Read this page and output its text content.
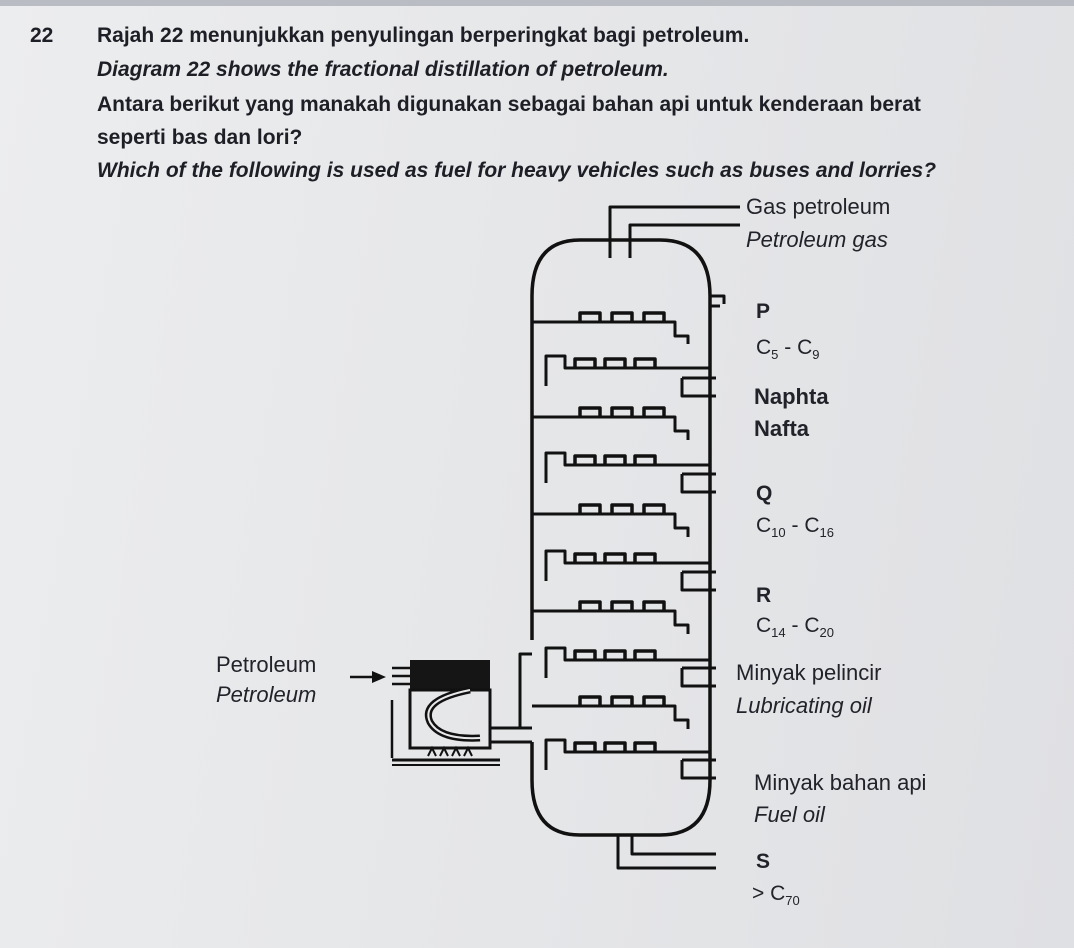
22 Rajah 22 menunjukkan penyulingan berperingkat bagi petroleum.
Diagram 22 shows the fractional distillation of petroleum.
Antara berikut yang manakah digunakan sebagai bahan api untuk kenderaan berat
seperti bas dan lori?
Which of the following is used as fuel for heavy vehicles such as buses and lorries?
Gas petroleum
Petroleum gas
P
$C_5 - C_9$
Naphta
Nafta
Q
$C_{10} - C_{16}$
R
$C_{14} - C_{20}$
Minyak pelincir
Lubricating oil
Minyak bahan api
Fuel oil
S
> $C_{70}$
Petroleum
Petroleum
